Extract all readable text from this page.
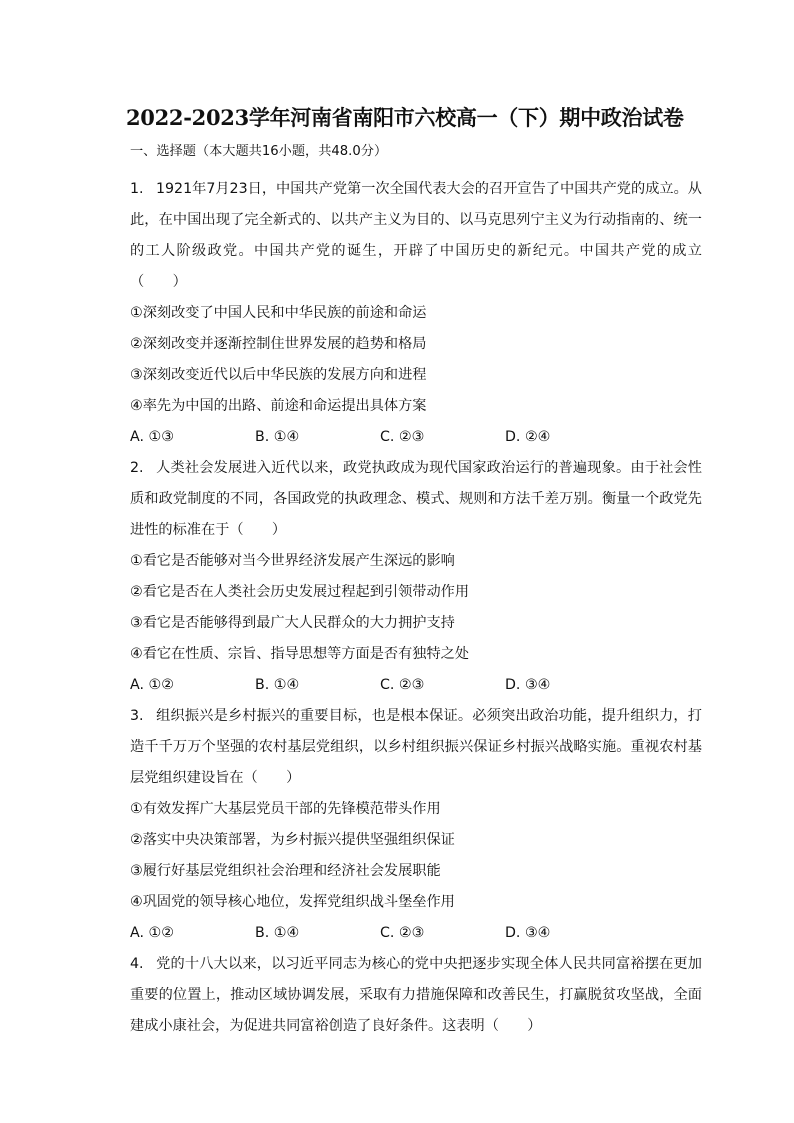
2022-2023学年河南省南阳市六校高一（下）期中政治试卷
一、选择题（本大题共16小题，共48.0分）

1. 1921年7月23日，中国共产党第一次全国代表大会的召开宣告了中国共产党的成立。从此，在中国出现了完全新式的、以共产主义为目的、以马克思列宁主义为行动指南的、统一的工人阶级政党。中国共产党的诞生，开辟了中国历史的新纪元。中国共产党的成立（　　）

①深刻改变了中国人民和中华民族的前途和命运

②深刻改变并逐渐控制住世界发展的趋势和格局

③深刻改变近代以后中华民族的发展方向和进程

④率先为中国的出路、前途和命运提出具体方案

A. ①③	B. ①④	C. ②③	D. ②④

2. 人类社会发展进入近代以来，政党执政成为现代国家政治运行的普遍现象。由于社会性质和政党制度的不同，各国政党的执政理念、模式、规则和方法千差万别。衡量一个政党先进性的标准在于（　　）

①看它是否能够对当今世界经济发展产生深远的影响

②看它是否在人类社会历史发展过程起到引领带动作用

③看它是否能够得到最广大人民群众的大力拥护支持

④看它在性质、宗旨、指导思想等方面是否有独特之处

A. ①②	B. ①④	C. ②③	D. ③④

3. 组织振兴是乡村振兴的重要目标，也是根本保证。必须突出政治功能，提升组织力，打造千千万万个坚强的农村基层党组织，以乡村组织振兴保证乡村振兴战略实施。重视农村基层党组织建设旨在（　　）

①有效发挥广大基层党员干部的先锋模范带头作用

②落实中央决策部署，为乡村振兴提供坚强组织保证

③履行好基层党组织社会治理和经济社会发展职能

④巩固党的领导核心地位，发挥党组织战斗堡垒作用

A. ①②	B. ①④	C. ②③	D. ③④

4. 党的十八大以来，以习近平同志为核心的党中央把逐步实现全体人民共同富裕摆在更加重要的位置上，推动区域协调发展，采取有力措施保障和改善民生，打赢脱贫攻坚战，全面建成小康社会，为促进共同富裕创造了良好条件。这表明（　　）
